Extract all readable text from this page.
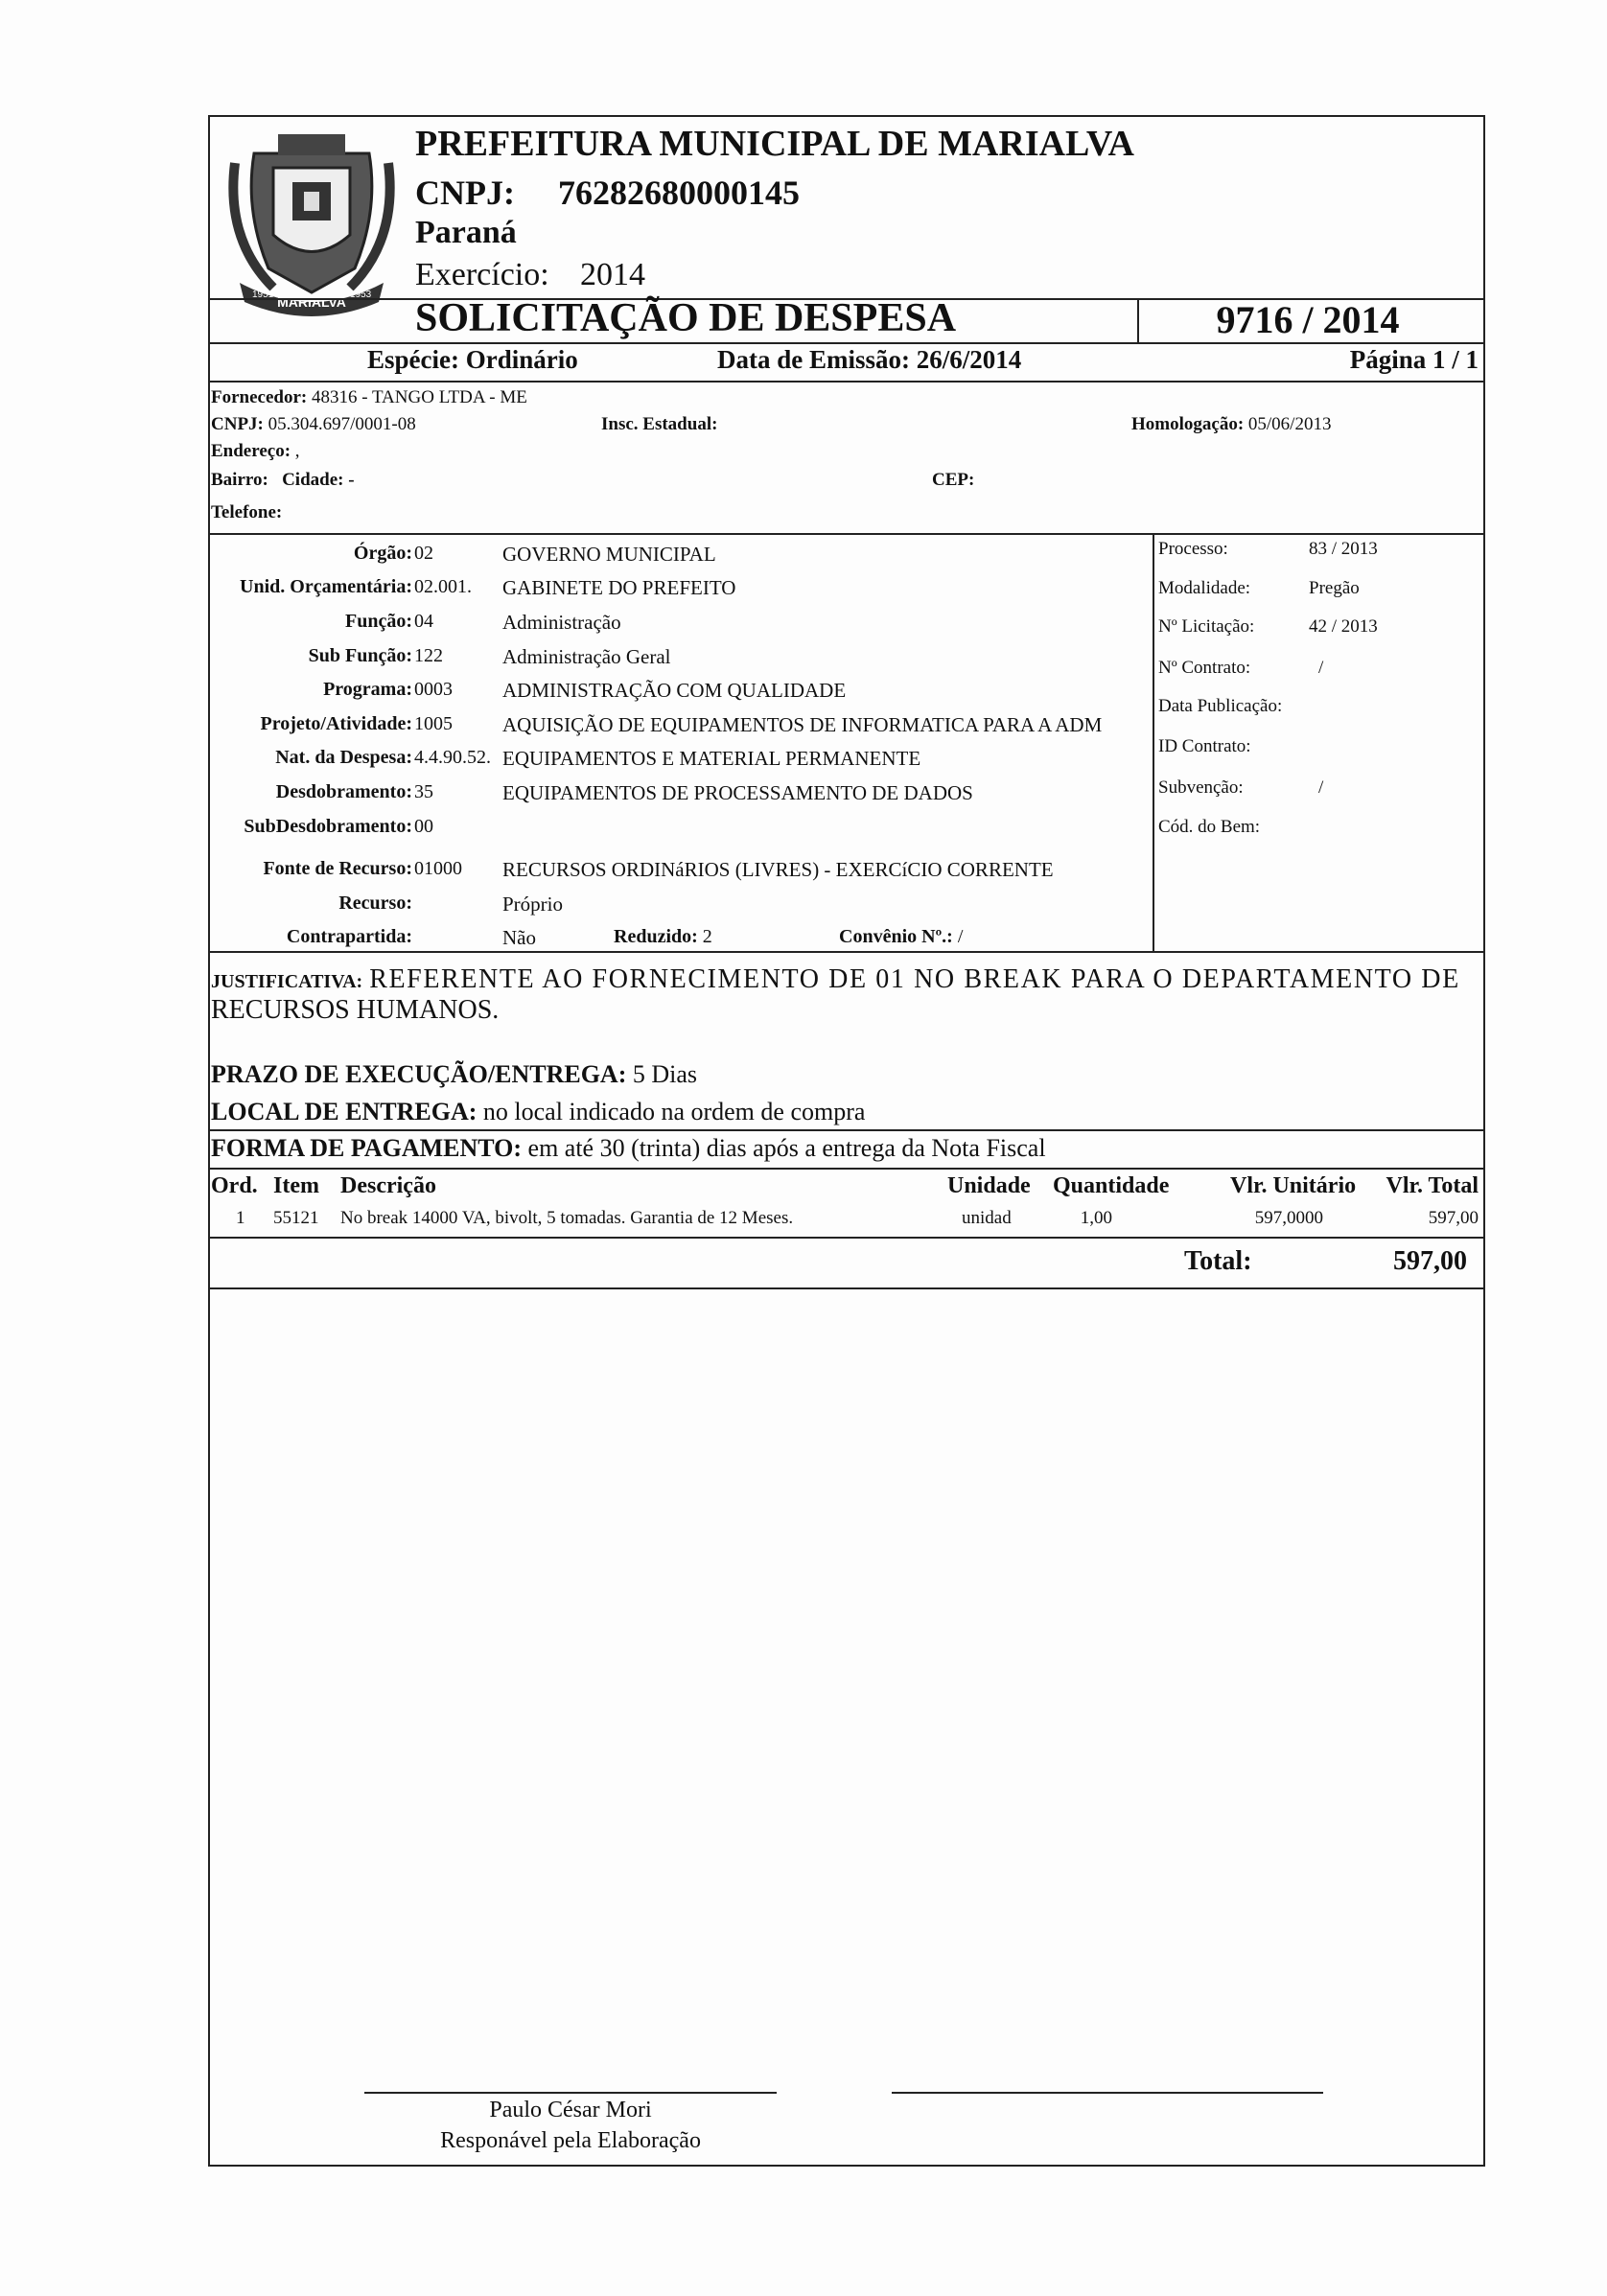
MARIALVA
1951	1953
PREFEITURA MUNICIPAL DE MARIALVA
CNPJ: 76282680000145
Paraná
Exercício: 2014
SOLICITAÇÃO DE DESPESA	9716 / 2014
Espécie: Ordinário	Data de Emissão: 26/6/2014	Página 1 / 1
Fornecedor: 48316 - TANGO LTDA - ME
CNPJ: 05.304.697/0001-08	Insc. Estadual:	Homologação: 05/06/2013
Endereço: ,
Bairro: Cidade: -	CEP:
Telefone:
Órgão: 02	GOVERNO MUNICIPAL
Unid. Orçamentária: 02.001. GABINETE DO PREFEITO
Função: 04	Administração
Sub Função: 122	Administração Geral
Programa: 0003 ADMINISTRAÇÃO COM QUALIDADE
Projeto/Atividade: 1005 AQUISIÇÃO DE EQUIPAMENTOS DE INFORMATICA PARA A ADM
Nat. da Despesa: 4.4.90.52. EQUIPAMENTOS E MATERIAL PERMANENTE
Desdobramento: 35	EQUIPAMENTOS DE PROCESSAMENTO DE DADOS
SubDesdobramento: 00
Fonte de Recurso: 01000 RECURSOS ORDINáRIOS (LIVRES) - EXERCíCIO CORRENTE
Recurso:	Próprio
Contrapartida:	Não	Reduzido: 2	Convênio Nº.: /
Processo:	83 / 2013
Modalidade:	Pregão
Nº Licitação:	42 / 2013
Nº Contrato:	/
Data Publicação:
ID Contrato:
Subvenção:	/
Cód. do Bem:
JUSTIFICATIVA: REFERENTE AO FORNECIMENTO DE 01 NO BREAK PARA O DEPARTAMENTO DE
RECURSOS HUMANOS.
PRAZO DE EXECUÇÃO/ENTREGA: 5 Dias
LOCAL DE ENTREGA: no local indicado na ordem de compra
FORMA DE PAGAMENTO: em até 30 (trinta) dias após a entrega da Nota Fiscal
Ord. Item Descrição	Unidade Quantidade	Vlr. Unitário	Vlr. Total
1 55121 No break 14000 VA, bivolt, 5 tomadas. Garantia de 12 Meses.	unidad	1,00	597,0000	597,00
Total:	597,00
Paulo César Mori
Responável pela Elaboração
